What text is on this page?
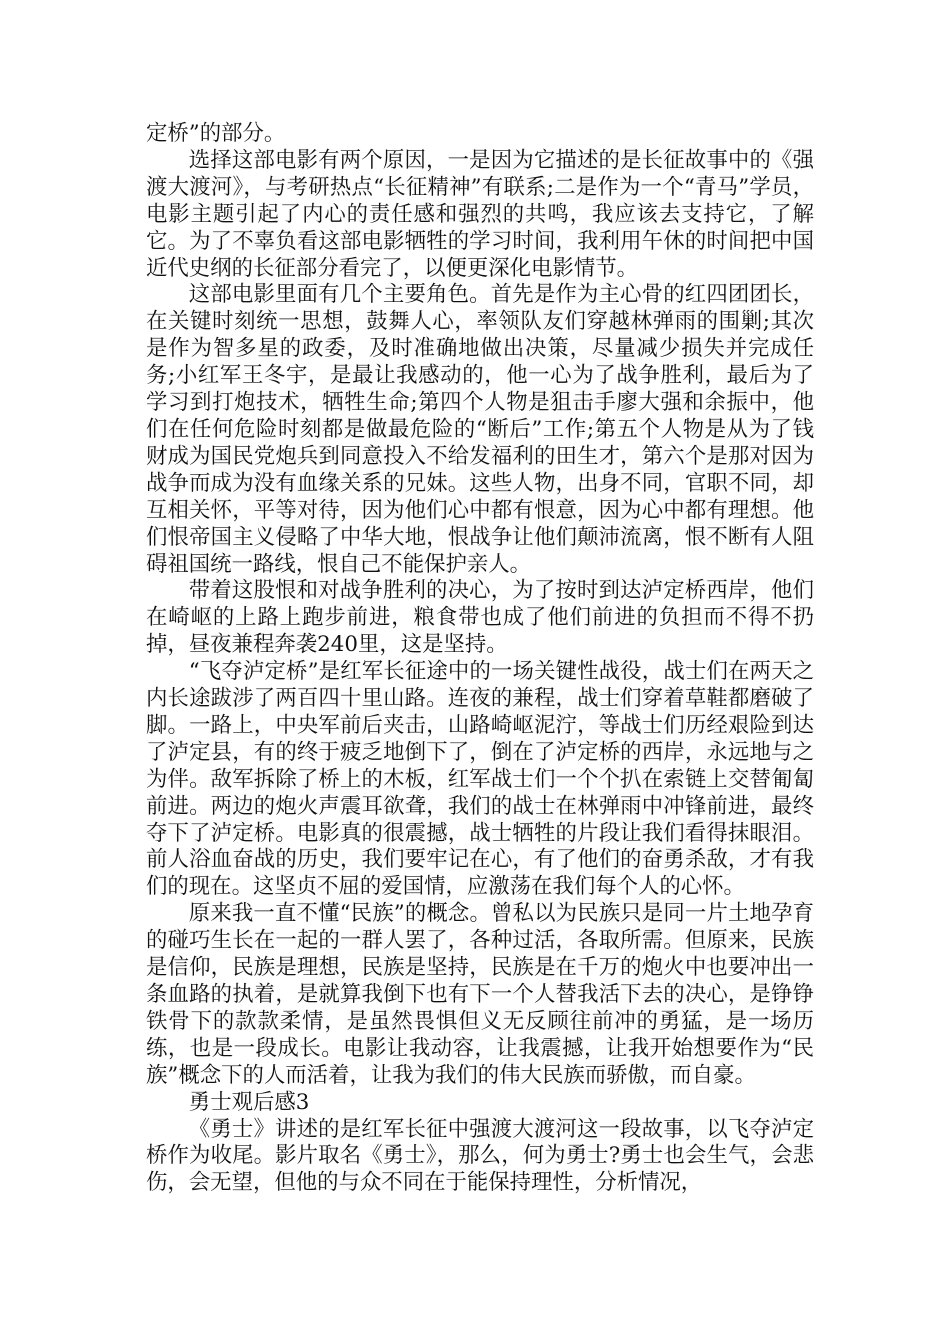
定桥”的部分。

选择这部电影有两个原因，一是因为它描述的是长征故事中的《强渡大渡河》，与考研热点“长征精神”有联系;二是作为一个“青马”学员，电影主题引起了内心的责任感和强烈的共鸣，我应该去支持它，了解它。为了不辜负看这部电影牺牲的学习时间，我利用午休的时间把中国近代史纲的长征部分看完了，以便更深化电影情节。

这部电影里面有几个主要角色。首先是作为主心骨的红四团团长，在关键时刻统一思想，鼓舞人心，率领队友们穿越林弹雨的围剿;其次是作为智多星的政委，及时准确地做出决策，尽量减少损失并完成任务;小红军王冬宇，是最让我感动的，他一心为了战争胜利，最后为了学习到打炮技术，牺牲生命;第四个人物是狙击手廖大强和余振中，他们在任何危险时刻都是做最危险的“断后”工作;第五个人物是从为了钱财成为国民党炮兵到同意投入不给发福利的田生才，第六个是那对因为战争而成为没有血缘关系的兄妹。这些人物，出身不同，官职不同，却互相关怀，平等对待，因为他们心中都有恨意，因为心中都有理想。他们恨帝国主义侵略了中华大地，恨战争让他们颠沛流离，恨不断有人阻碍祖国统一路线，恨自己不能保护亲人。

带着这股恨和对战争胜利的决心，为了按时到达泸定桥西岸，他们在崎岖的上路上跑步前进，粮食带也成了他们前进的负担而不得不扔掉，昼夜兼程奔袭240里，这是坚持。

“飞夺泸定桥”是红军长征途中的一场关键性战役，战士们在两天之内长途跋涉了两百四十里山路。连夜的兼程，战士们穿着草鞋都磨破了脚。一路上，中央军前后夹击，山路崎岖泥泞，等战士们历经艰险到达了泸定县，有的终于疲乏地倒下了，倒在了泸定桥的西岸，永远地与之为伴。敌军拆除了桥上的木板，红军战士们一个个扒在索链上交替匍匐前进。两边的炮火声震耳欲聋，我们的战士在林弹雨中冲锋前进，最终夺下了泸定桥。电影真的很震撼，战士牺牲的片段让我们看得抹眼泪。前人浴血奋战的历史，我们要牢记在心，有了他们的奋勇杀敌，才有我们的现在。这坚贞不屈的爱国情，应激荡在我们每个人的心怀。

原来我一直不懂“民族”的概念。曾私以为民族只是同一片土地孕育的碰巧生长在一起的一群人罢了，各种过活，各取所需。但原来，民族是信仰，民族是理想，民族是坚持，民族是在千万的炮火中也要冲出一条血路的执着，是就算我倒下也有下一个人替我活下去的决心，是铮铮铁骨下的款款柔情，是虽然畏惧但义无反顾往前冲的勇猛，是一场历练，也是一段成长。电影让我动容，让我震撼，让我开始想要作为“民族”概念下的人而活着，让我为我们的伟大民族而骄傲，而自豪。

勇士观后感3

《勇士》讲述的是红军长征中强渡大渡河这一段故事，以飞夺泸定桥作为收尾。影片取名《勇士》，那么，何为勇士?勇士也会生气，会悲伤，会无望，但他的与众不同在于能保持理性，分析情况，
